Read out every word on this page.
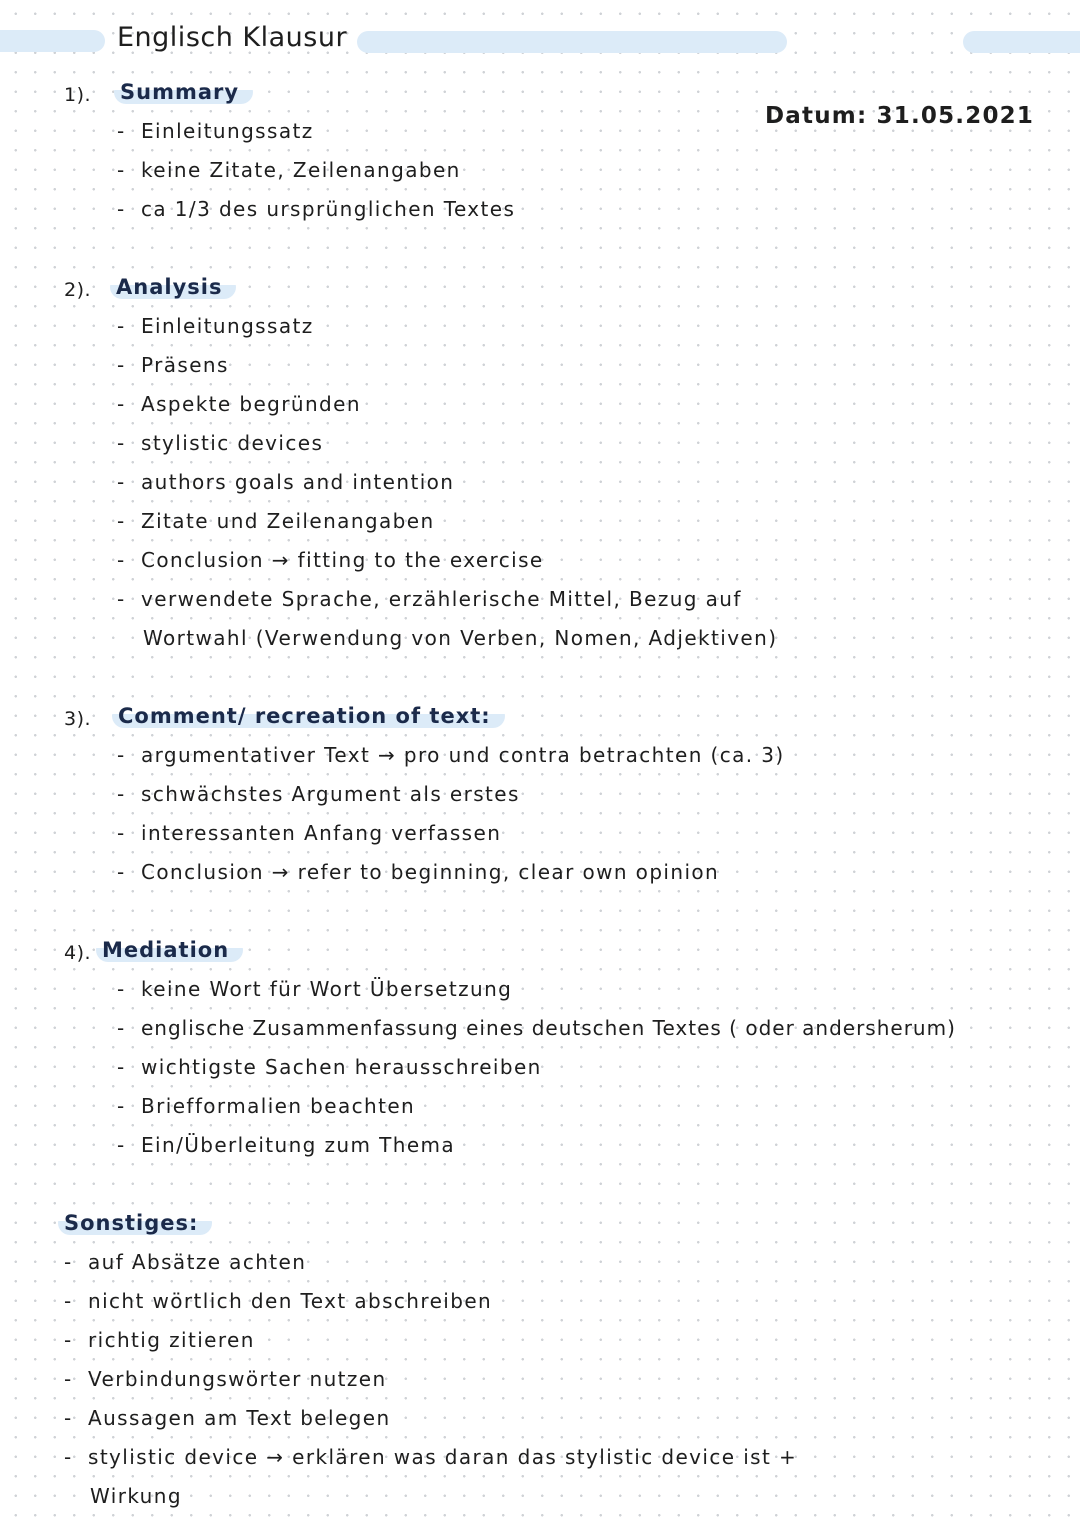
Englisch Klausur
Datum: 31.05.2021
1). Summary
- Einleitungssatz
- keine Zitate, Zeilenangaben
- ca 1/3 des ursprünglichen Textes
2). Analysis
- Einleitungssatz
- Präsens
- Aspekte begründen
- stylistic devices
- authors goals and intention
- Zitate und Zeilenangaben
- Conclusion → fitting to the exercise
- verwendete Sprache, erzählerische Mittel, Bezug auf
Wortwahl (Verwendung von Verben, Nomen, Adjektiven)
3). Comment/ recreation of text:
- argumentativer Text → pro und contra betrachten (ca. 3)
- schwächstes Argument als erstes
- interessanten Anfang verfassen
- Conclusion → refer to beginning, clear own opinion
4). Mediation
- keine Wort für Wort Übersetzung
- englische Zusammenfassung eines deutschen Textes ( oder andersherum)
- wichtigste Sachen herausschreiben
- Briefformalien beachten
- Ein/Überleitung zum Thema
Sonstiges:
- auf Absätze achten
- nicht wörtlich den Text abschreiben
- richtig zitieren
- Verbindungswörter nutzen
- Aussagen am Text belegen
- stylistic device → erklären was daran das stylistic device ist +
Wirkung
